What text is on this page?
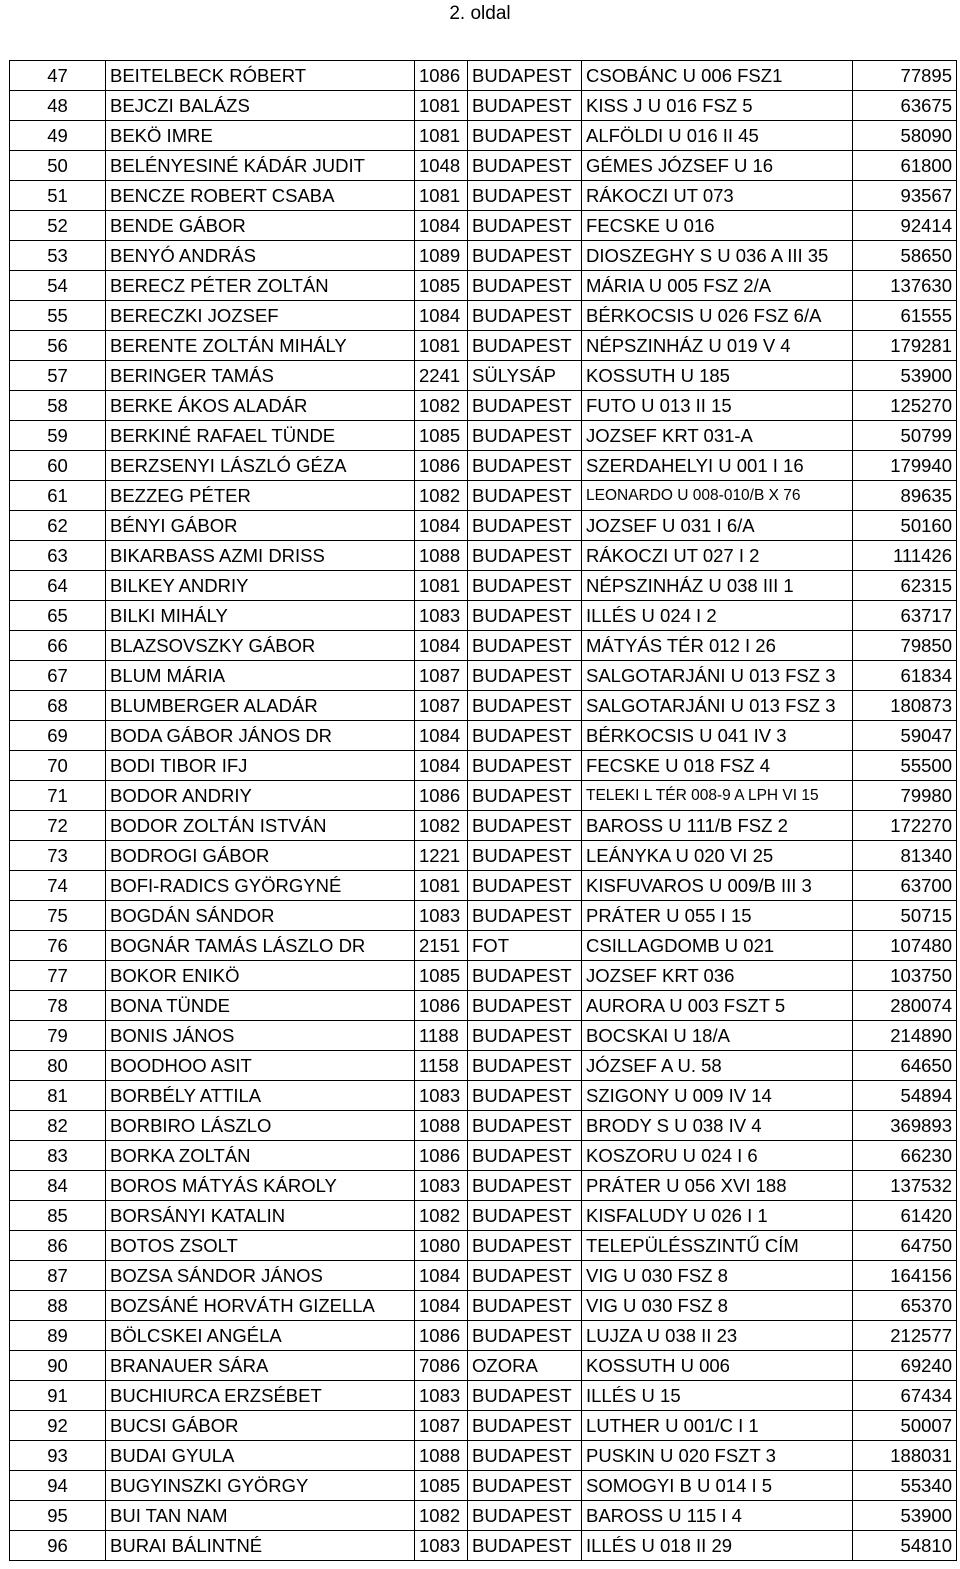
2. oldal
47	BEITELBECK RÓBERT	1086	BUDAPEST	CSOBÁNC U 006 FSZ1	77895
48	BEJCZI BALÁZS	1081	BUDAPEST	KISS J U 016 FSZ 5	63675
49	BEKÖ IMRE	1081	BUDAPEST	ALFÖLDI U 016 II 45	58090
50	BELÉNYESINÉ KÁDÁR JUDIT	1048	BUDAPEST	GÉMES JÓZSEF U 16	61800
51	BENCZE ROBERT CSABA	1081	BUDAPEST	RÁKOCZI UT 073	93567
52	BENDE GÁBOR	1084	BUDAPEST	FECSKE U 016	92414
53	BENYÓ ANDRÁS	1089	BUDAPEST	DIOSZEGHY S U 036 A III 35	58650
54	BERECZ PÉTER ZOLTÁN	1085	BUDAPEST	MÁRIA U 005 FSZ 2/A	137630
55	BERECZKI JOZSEF	1084	BUDAPEST	BÉRKOCSIS U 026 FSZ 6/A	61555
56	BERENTE ZOLTÁN MIHÁLY	1081	BUDAPEST	NÉPSZINHÁZ U 019 V 4	179281
57	BERINGER TAMÁS	2241	SÜLYSÁP	KOSSUTH U 185	53900
58	BERKE ÁKOS ALADÁR	1082	BUDAPEST	FUTO U 013 II 15	125270
59	BERKINÉ RAFAEL TÜNDE	1085	BUDAPEST	JOZSEF KRT 031-A	50799
60	BERZSENYI LÁSZLÓ GÉZA	1086	BUDAPEST	SZERDAHELYI U 001 I 16	179940
61	BEZZEG PÉTER	1082	BUDAPEST	LEONARDO U 008-010/B X 76	89635
62	BÉNYI GÁBOR	1084	BUDAPEST	JOZSEF U 031 I 6/A	50160
63	BIKARBASS AZMI DRISS	1088	BUDAPEST	RÁKOCZI UT 027 I 2	111426
64	BILKEY ANDRIY	1081	BUDAPEST	NÉPSZINHÁZ U 038 III 1	62315
65	BILKI MIHÁLY	1083	BUDAPEST	ILLÉS U 024 I 2	63717
66	BLAZSOVSZKY GÁBOR	1084	BUDAPEST	MÁTYÁS TÉR 012 I 26	79850
67	BLUM MÁRIA	1087	BUDAPEST	SALGOTARJÁNI U 013 FSZ 3	61834
68	BLUMBERGER ALADÁR	1087	BUDAPEST	SALGOTARJÁNI U 013 FSZ 3	180873
69	BODA GÁBOR JÁNOS DR	1084	BUDAPEST	BÉRKOCSIS U 041 IV 3	59047
70	BODI TIBOR IFJ	1084	BUDAPEST	FECSKE U 018 FSZ 4	55500
71	BODOR ANDRIY	1086	BUDAPEST	TELEKI L TÉR 008-9 A LPH VI 15	79980
72	BODOR ZOLTÁN ISTVÁN	1082	BUDAPEST	BAROSS U 111/B FSZ 2	172270
73	BODROGI GÁBOR	1221	BUDAPEST	LEÁNYKA U 020 VI 25	81340
74	BOFI-RADICS GYÖRGYNÉ	1081	BUDAPEST	KISFUVAROS U 009/B III 3	63700
75	BOGDÁN SÁNDOR	1083	BUDAPEST	PRÁTER U 055 I 15	50715
76	BOGNÁR TAMÁS LÁSZLO DR	2151	FOT	CSILLAGDOMB U 021	107480
77	BOKOR ENIKÖ	1085	BUDAPEST	JOZSEF KRT 036	103750
78	BONA TÜNDE	1086	BUDAPEST	AURORA U 003 FSZT 5	280074
79	BONIS JÁNOS	1188	BUDAPEST	BOCSKAI U 18/A	214890
80	BOODHOO ASIT	1158	BUDAPEST	JÓZSEF A U. 58	64650
81	BORBÉLY ATTILA	1083	BUDAPEST	SZIGONY U 009 IV 14	54894
82	BORBIRO LÁSZLO	1088	BUDAPEST	BRODY S U 038 IV 4	369893
83	BORKA ZOLTÁN	1086	BUDAPEST	KOSZORU U 024 I 6	66230
84	BOROS MÁTYÁS KÁROLY	1083	BUDAPEST	PRÁTER U 056 XVI 188	137532
85	BORSÁNYI KATALIN	1082	BUDAPEST	KISFALUDY U 026 I 1	61420
86	BOTOS ZSOLT	1080	BUDAPEST	TELEPÜLÉSSZINTŰ CÍM	64750
87	BOZSA SÁNDOR JÁNOS	1084	BUDAPEST	VIG U 030 FSZ 8	164156
88	BOZSÁNÉ HORVÁTH GIZELLA	1084	BUDAPEST	VIG U 030 FSZ 8	65370
89	BÖLCSKEI ANGÉLA	1086	BUDAPEST	LUJZA U 038 II 23	212577
90	BRANAUER SÁRA	7086	OZORA	KOSSUTH U 006	69240
91	BUCHIURCA ERZSÉBET	1083	BUDAPEST	ILLÉS U 15	67434
92	BUCSI GÁBOR	1087	BUDAPEST	LUTHER U 001/C I 1	50007
93	BUDAI GYULA	1088	BUDAPEST	PUSKIN U 020 FSZT 3	188031
94	BUGYINSZKI GYÖRGY	1085	BUDAPEST	SOMOGYI B U 014 I 5	55340
95	BUI TAN NAM	1082	BUDAPEST	BAROSS U 115 I 4	53900
96	BURAI BÁLINTNÉ	1083	BUDAPEST	ILLÉS U 018 II 29	54810
